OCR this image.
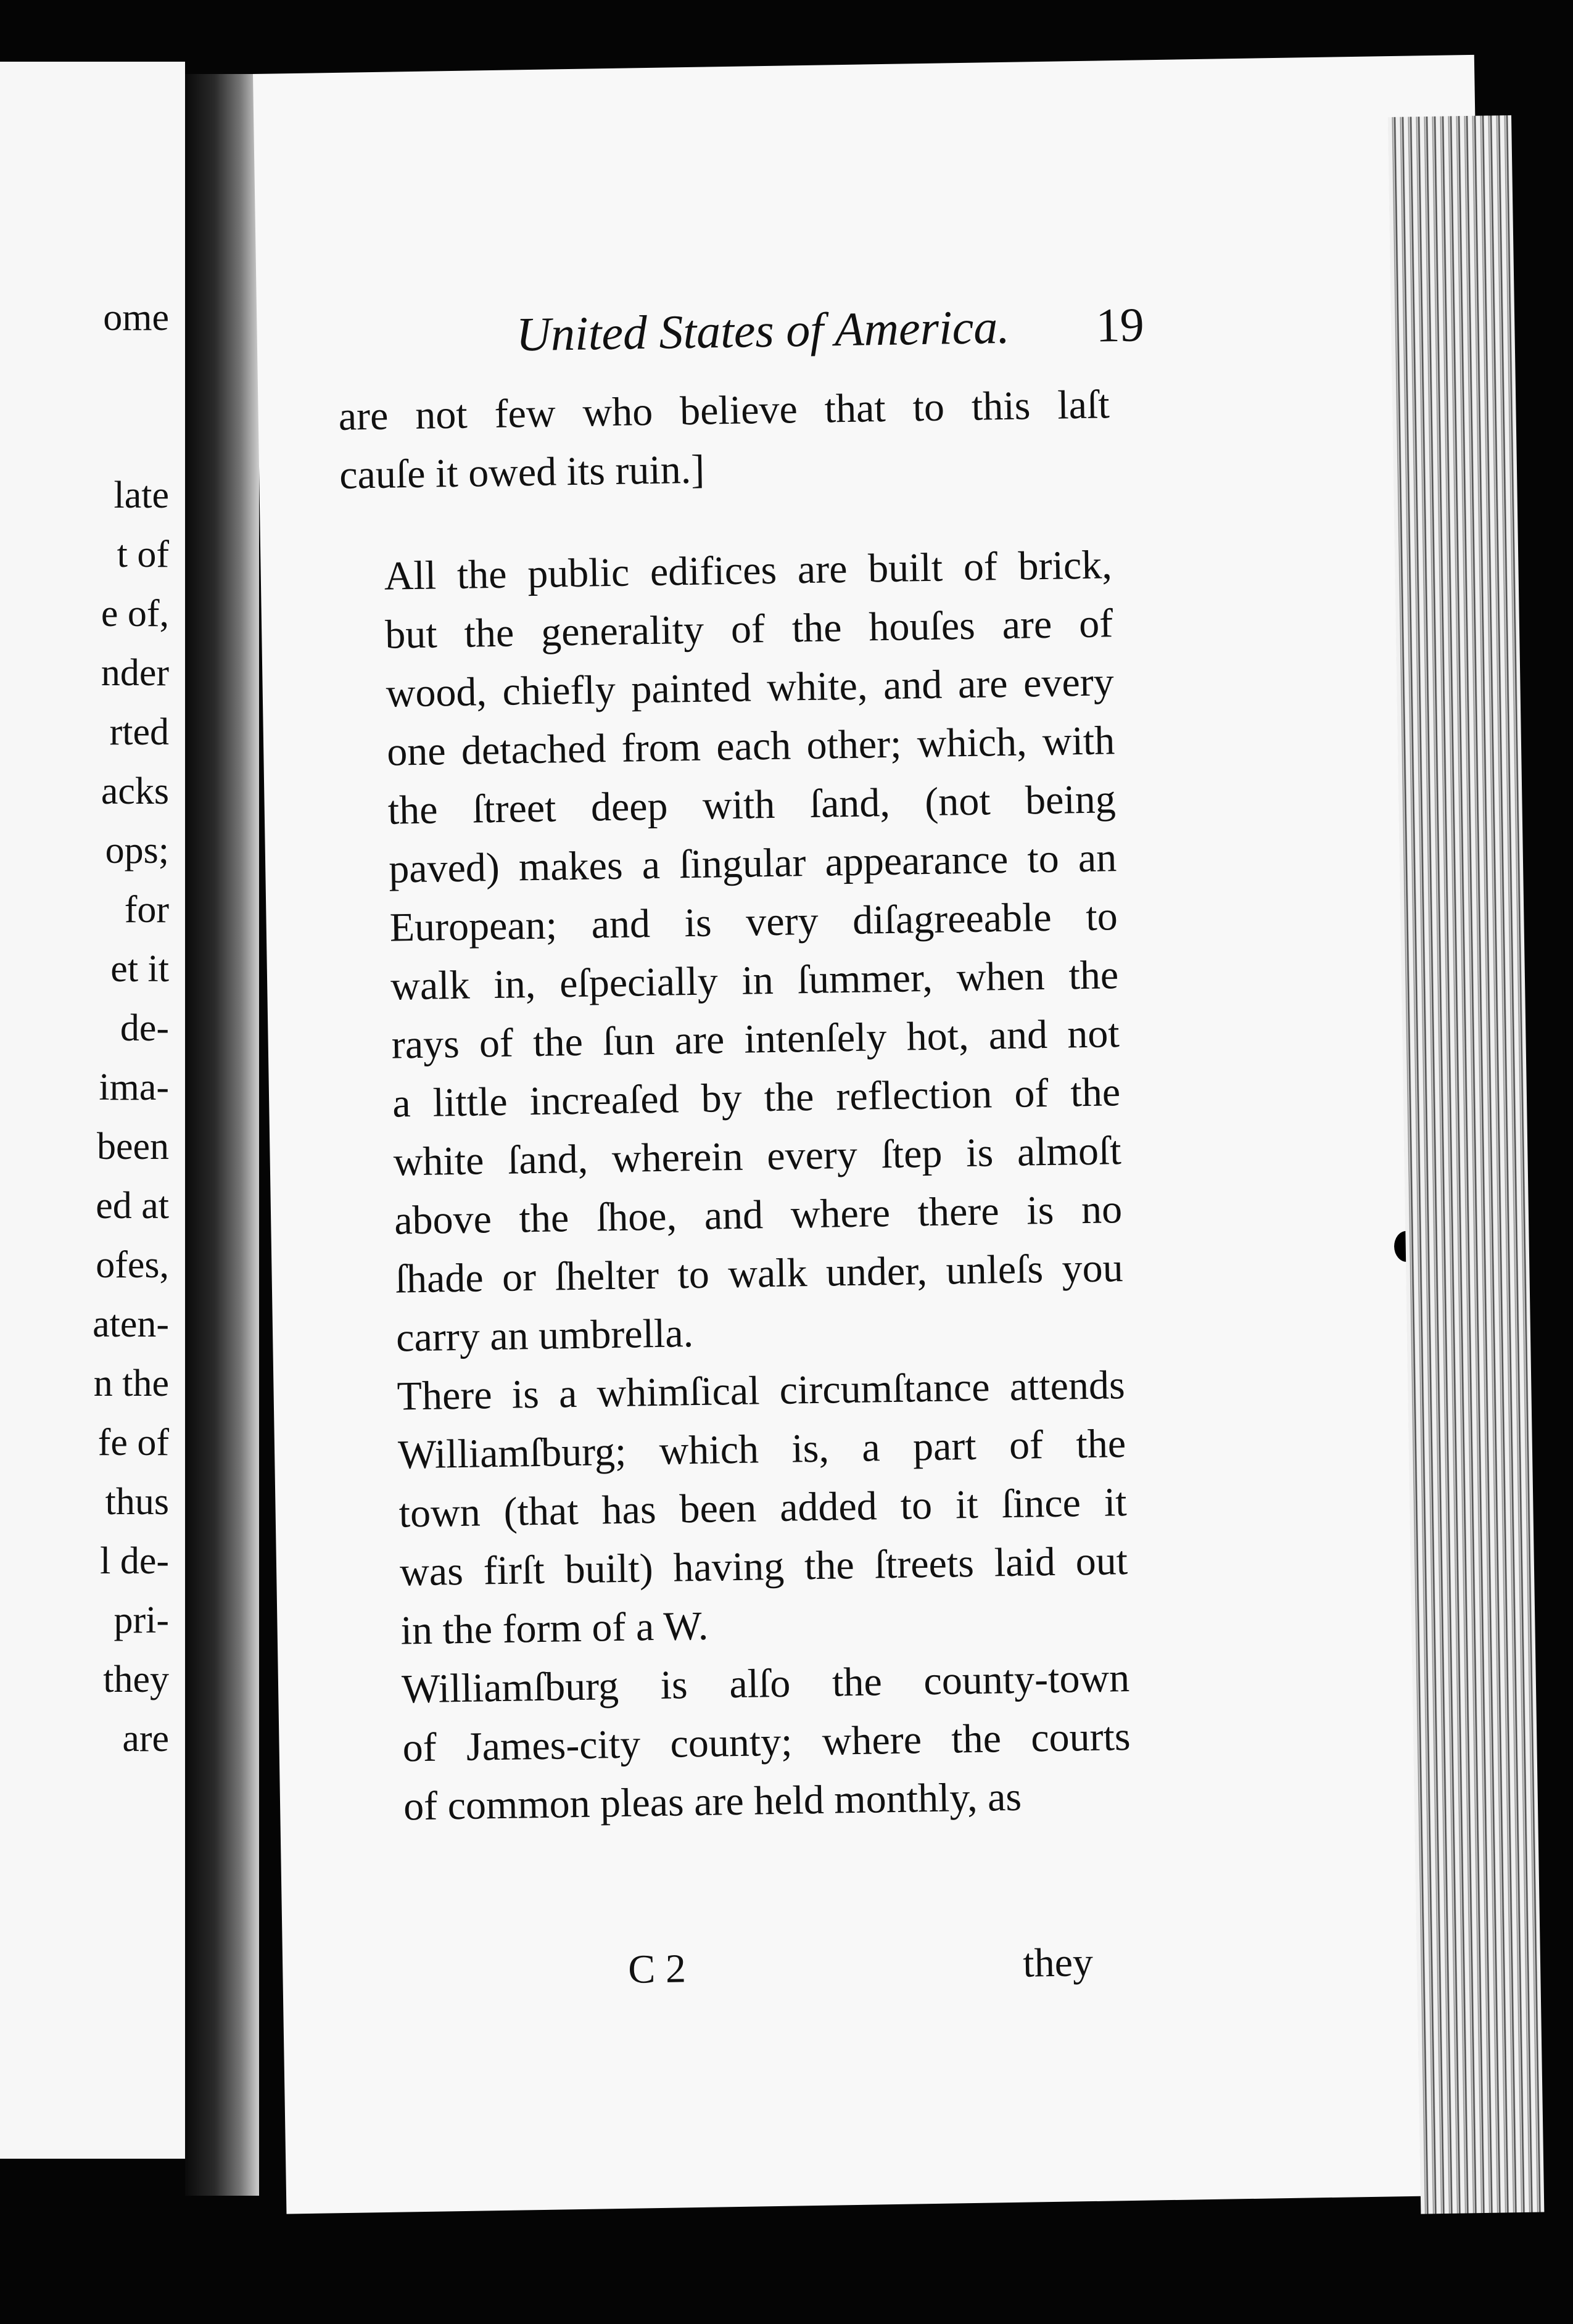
ome

late

t of

e of,

nder

rted

acks

ops;

for

et it

de-

ima-

been

ed at

ofes,

aten-

n the

fe of

thus

l de-

pri-

they

are

United States of America.	19

are not few who believe that to this laſt
cauſe it owed its ruin.]

All the public edifices are built of brick,
but the generality of the houſes are of
wood, chiefly painted white, and are every
one detached from each other; which, with
the ſtreet deep with ſand, (not being
paved) makes a ſingular appearance to an
European; and is very diſagreeable to
walk in, eſpecially in ſummer, when the
rays of the ſun are intenſely hot, and not
a little increaſed by the reflection of the
white ſand, wherein every ſtep is almoſt
above the ſhoe, and where there is no
ſhade or ſhelter to walk under, unleſs you
carry an umbrella.

There is a whimſical circumſtance attends
Williamſburg; which is, a part of the
town (that has been added to it ſince it
was firſt built) having the ſtreets laid out
in the form of a W.

Williamſburg is alſo the county-town
of James-city county; where the courts
of common pleas are held monthly, as

C 2	they
